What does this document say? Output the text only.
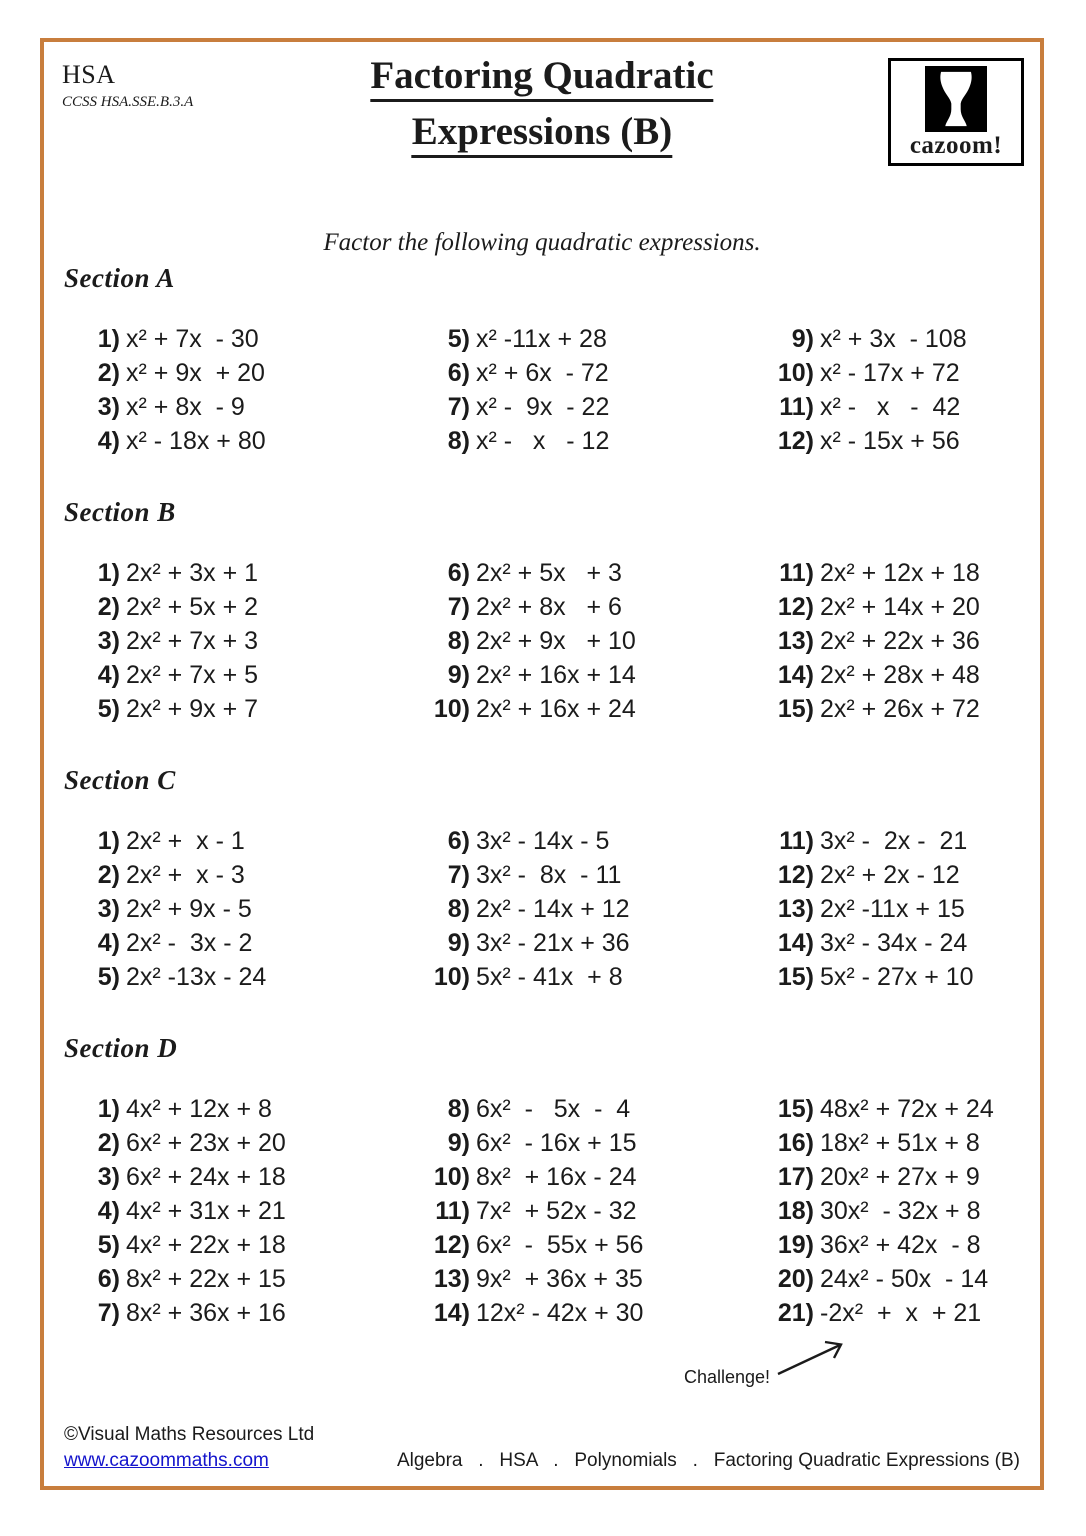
HSA
CCSS HSA.SSE.B.3.A
Factoring Quadratic
Expressions (B)	cazoom!
Factor the following quadratic expressions.
Section A
1) x² + 7x  - 30
2) x² + 9x  + 20
3) x² + 8x  - 9
4) x² - 18x + 80
5) x² -11x + 28
6) x² + 6x  - 72
7) x² -  9x  - 22
8) x² -   x   - 12
9) x² + 3x  - 108
10) x² - 17x + 72
11) x² -   x   -  42
12) x² - 15x + 56
Section B
1) 2x² + 3x + 1
2) 2x² + 5x + 2
3) 2x² + 7x + 3
4) 2x² + 7x + 5
5) 2x² + 9x + 7
6) 2x² + 5x   + 3
7) 2x² + 8x   + 6
8) 2x² + 9x   + 10
9) 2x² + 16x + 14
10) 2x² + 16x + 24
11) 2x² + 12x + 18
12) 2x² + 14x + 20
13) 2x² + 22x + 36
14) 2x² + 28x + 48
15) 2x² + 26x + 72
Section C
1) 2x² +  x - 1
2) 2x² +  x - 3
3) 2x² + 9x - 5
4) 2x² -  3x - 2
5) 2x² -13x - 24
6) 3x² - 14x - 5
7) 3x² -  8x  - 11
8) 2x² - 14x + 12
9) 3x² - 21x + 36
10) 5x² - 41x  + 8
11) 3x² -  2x -  21
12) 2x² + 2x - 12
13) 2x² -11x + 15
14) 3x² - 34x - 24
15) 5x² - 27x + 10
Section D
1) 4x² + 12x + 8
2) 6x² + 23x + 20
3) 6x² + 24x + 18
4) 4x² + 31x + 21
5) 4x² + 22x + 18
6) 8x² + 22x + 15
7) 8x² + 36x + 16
8) 6x²  -   5x  -  4
9) 6x²  - 16x + 15
10) 8x²  + 16x - 24
11) 7x²  + 52x - 32
12) 6x²  -  55x + 56
13) 9x²  + 36x + 35
14) 12x² - 42x + 30
15) 48x² + 72x + 24
16) 18x² + 51x + 8
17) 20x² + 27x + 9
18) 30x²  - 32x + 8
19) 36x² + 42x  - 8
20) 24x² - 50x  - 14
21) -2x²  +  x  + 21
Challenge!
©Visual Maths Resources Ltd
www.cazoommaths.com	Algebra   .   HSA   .   Polynomials   .   Factoring Quadratic Expressions (B)
